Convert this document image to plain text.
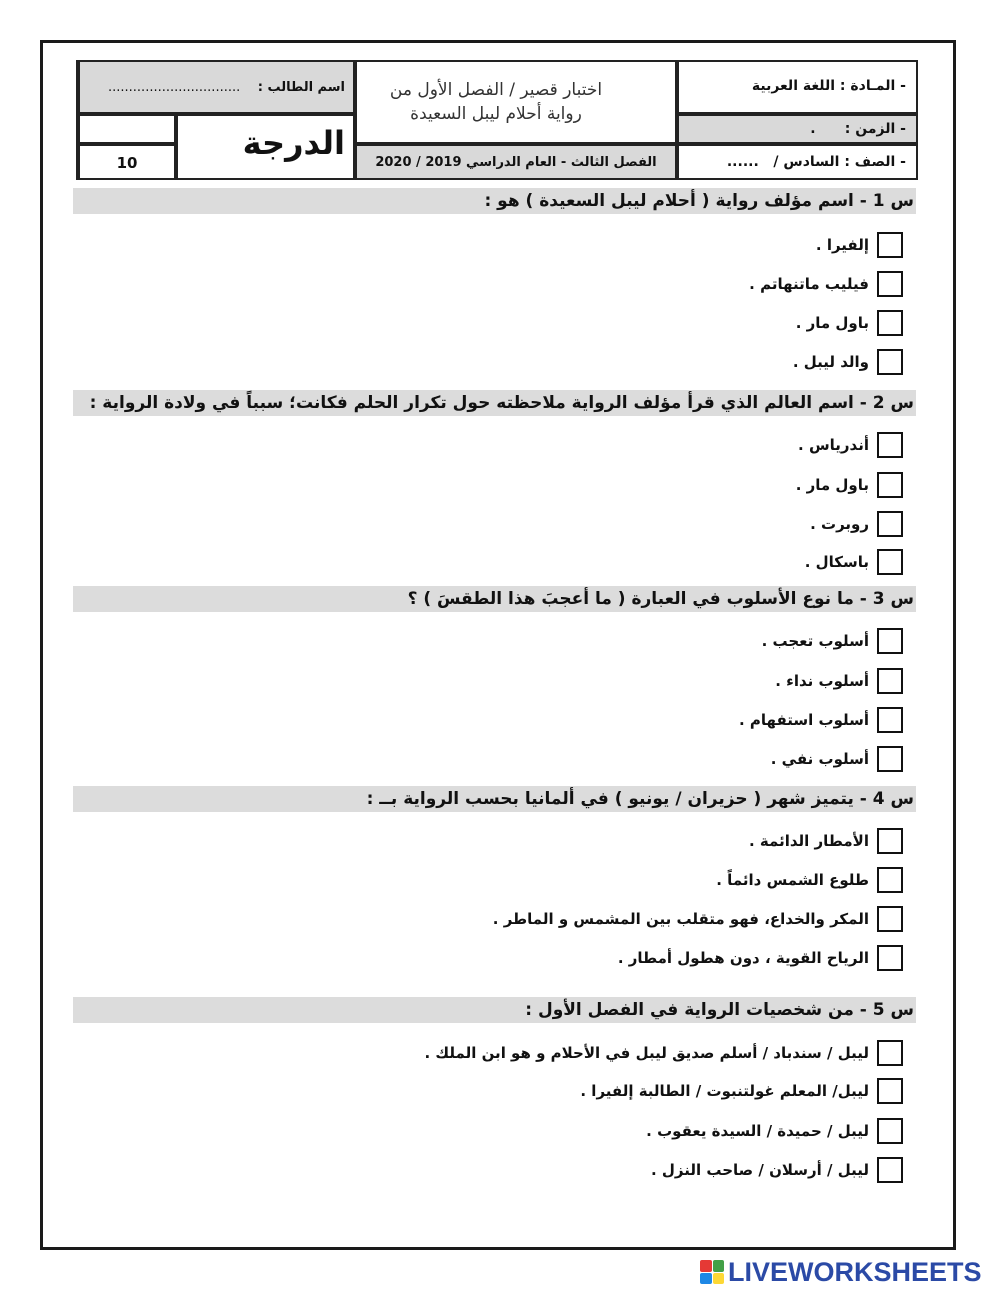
- المـادة : اللغة العربية
- الزمن :      .
- الصف : السادس /   ......
اختبار قصير / الفصل الأول من
رواية أحلام ليبل السعيدة
الفصل الثالث - العام الدراسي 2019 / 2020
اسم الطالب :
................................
الدرجة
10
س 1 - اسم مؤلف رواية ( أحلام ليبل السعيدة ) هو :
إلفيرا .
فيليب ماتنهاتم .
باول مار .
والد ليبل .
س 2 - اسم العالم الذي قرأ مؤلف الرواية ملاحظته حول تكرار الحلم فكانت؛ سبباً في ولادة الرواية :
أندرياس .
باول مار .
روبرت .
باسكال .
س 3 - ما نوع الأسلوب في العبارة ( ما أعجبَ هذا الطقسَ ) ؟
أسلوب تعجب .
أسلوب نداء .
أسلوب استفهام .
أسلوب نفي .
س 4 - يتميز شهر ( حزيران / يونيو ) في ألمانيا بحسب الرواية بــ :
الأمطار الدائمة .
طلوع الشمس دائماً .
المكر والخداع، فهو متقلب بين المشمس و الماطر .
الرياح القوية ، دون هطول أمطار .
س 5 - من شخصيات الرواية في الفصل الأول :
ليبل / سندباد / أسلم صديق ليبل في الأحلام و هو ابن الملك .
ليبل/ المعلم غولتنبوت / الطالبة إلفيرا .
ليبل / حميدة / السيدة يعقوب .
ليبل / أرسلان / صاحب النزل .
LIVEWORKSHEETS
